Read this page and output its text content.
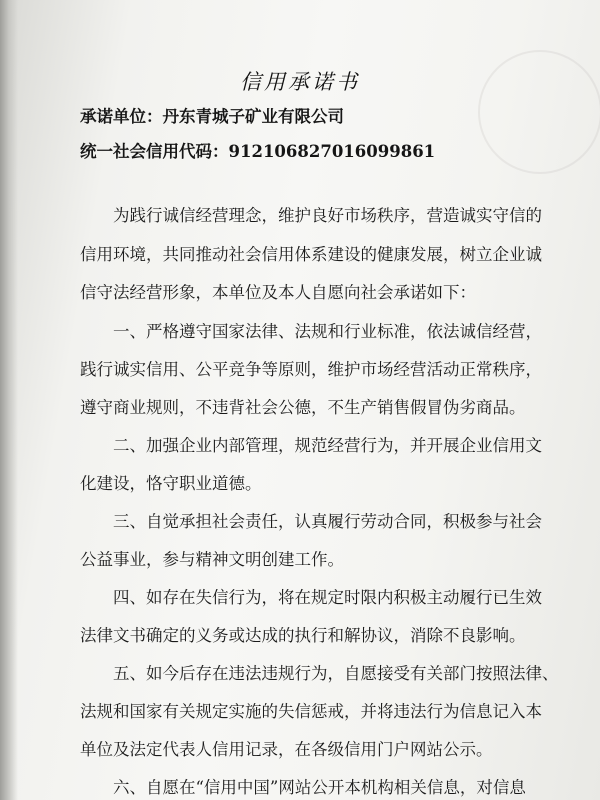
信用承诺书
承诺单位：丹东青城子矿业有限公司
统一社会信用代码：912106827016099861
为践行诚信经营理念，维护良好市场秩序，营造诚实守信的
信用环境，共同推动社会信用体系建设的健康发展，树立企业诚
信守法经营形象，本单位及本人自愿向社会承诺如下：
一、严格遵守国家法律、法规和行业标准，依法诚信经营，
践行诚实信用、公平竞争等原则，维护市场经营活动正常秩序，
遵守商业规则，不违背社会公德，不生产销售假冒伪劣商品。
二、加强企业内部管理，规范经营行为，并开展企业信用文
化建设，恪守职业道德。
三、自觉承担社会责任，认真履行劳动合同，积极参与社会
公益事业，参与精神文明创建工作。
四、如存在失信行为，将在规定时限内积极主动履行已生效
法律文书确定的义务或达成的执行和解协议，消除不良影响。
五、如今后存在违法违规行为，自愿接受有关部门按照法律、
法规和国家有关规定实施的失信惩戒，并将违法行为信息记入本
单位及法定代表人信用记录，在各级信用门户网站公示。
六、自愿在“信用中国”网站公开本机构相关信息，对信息
